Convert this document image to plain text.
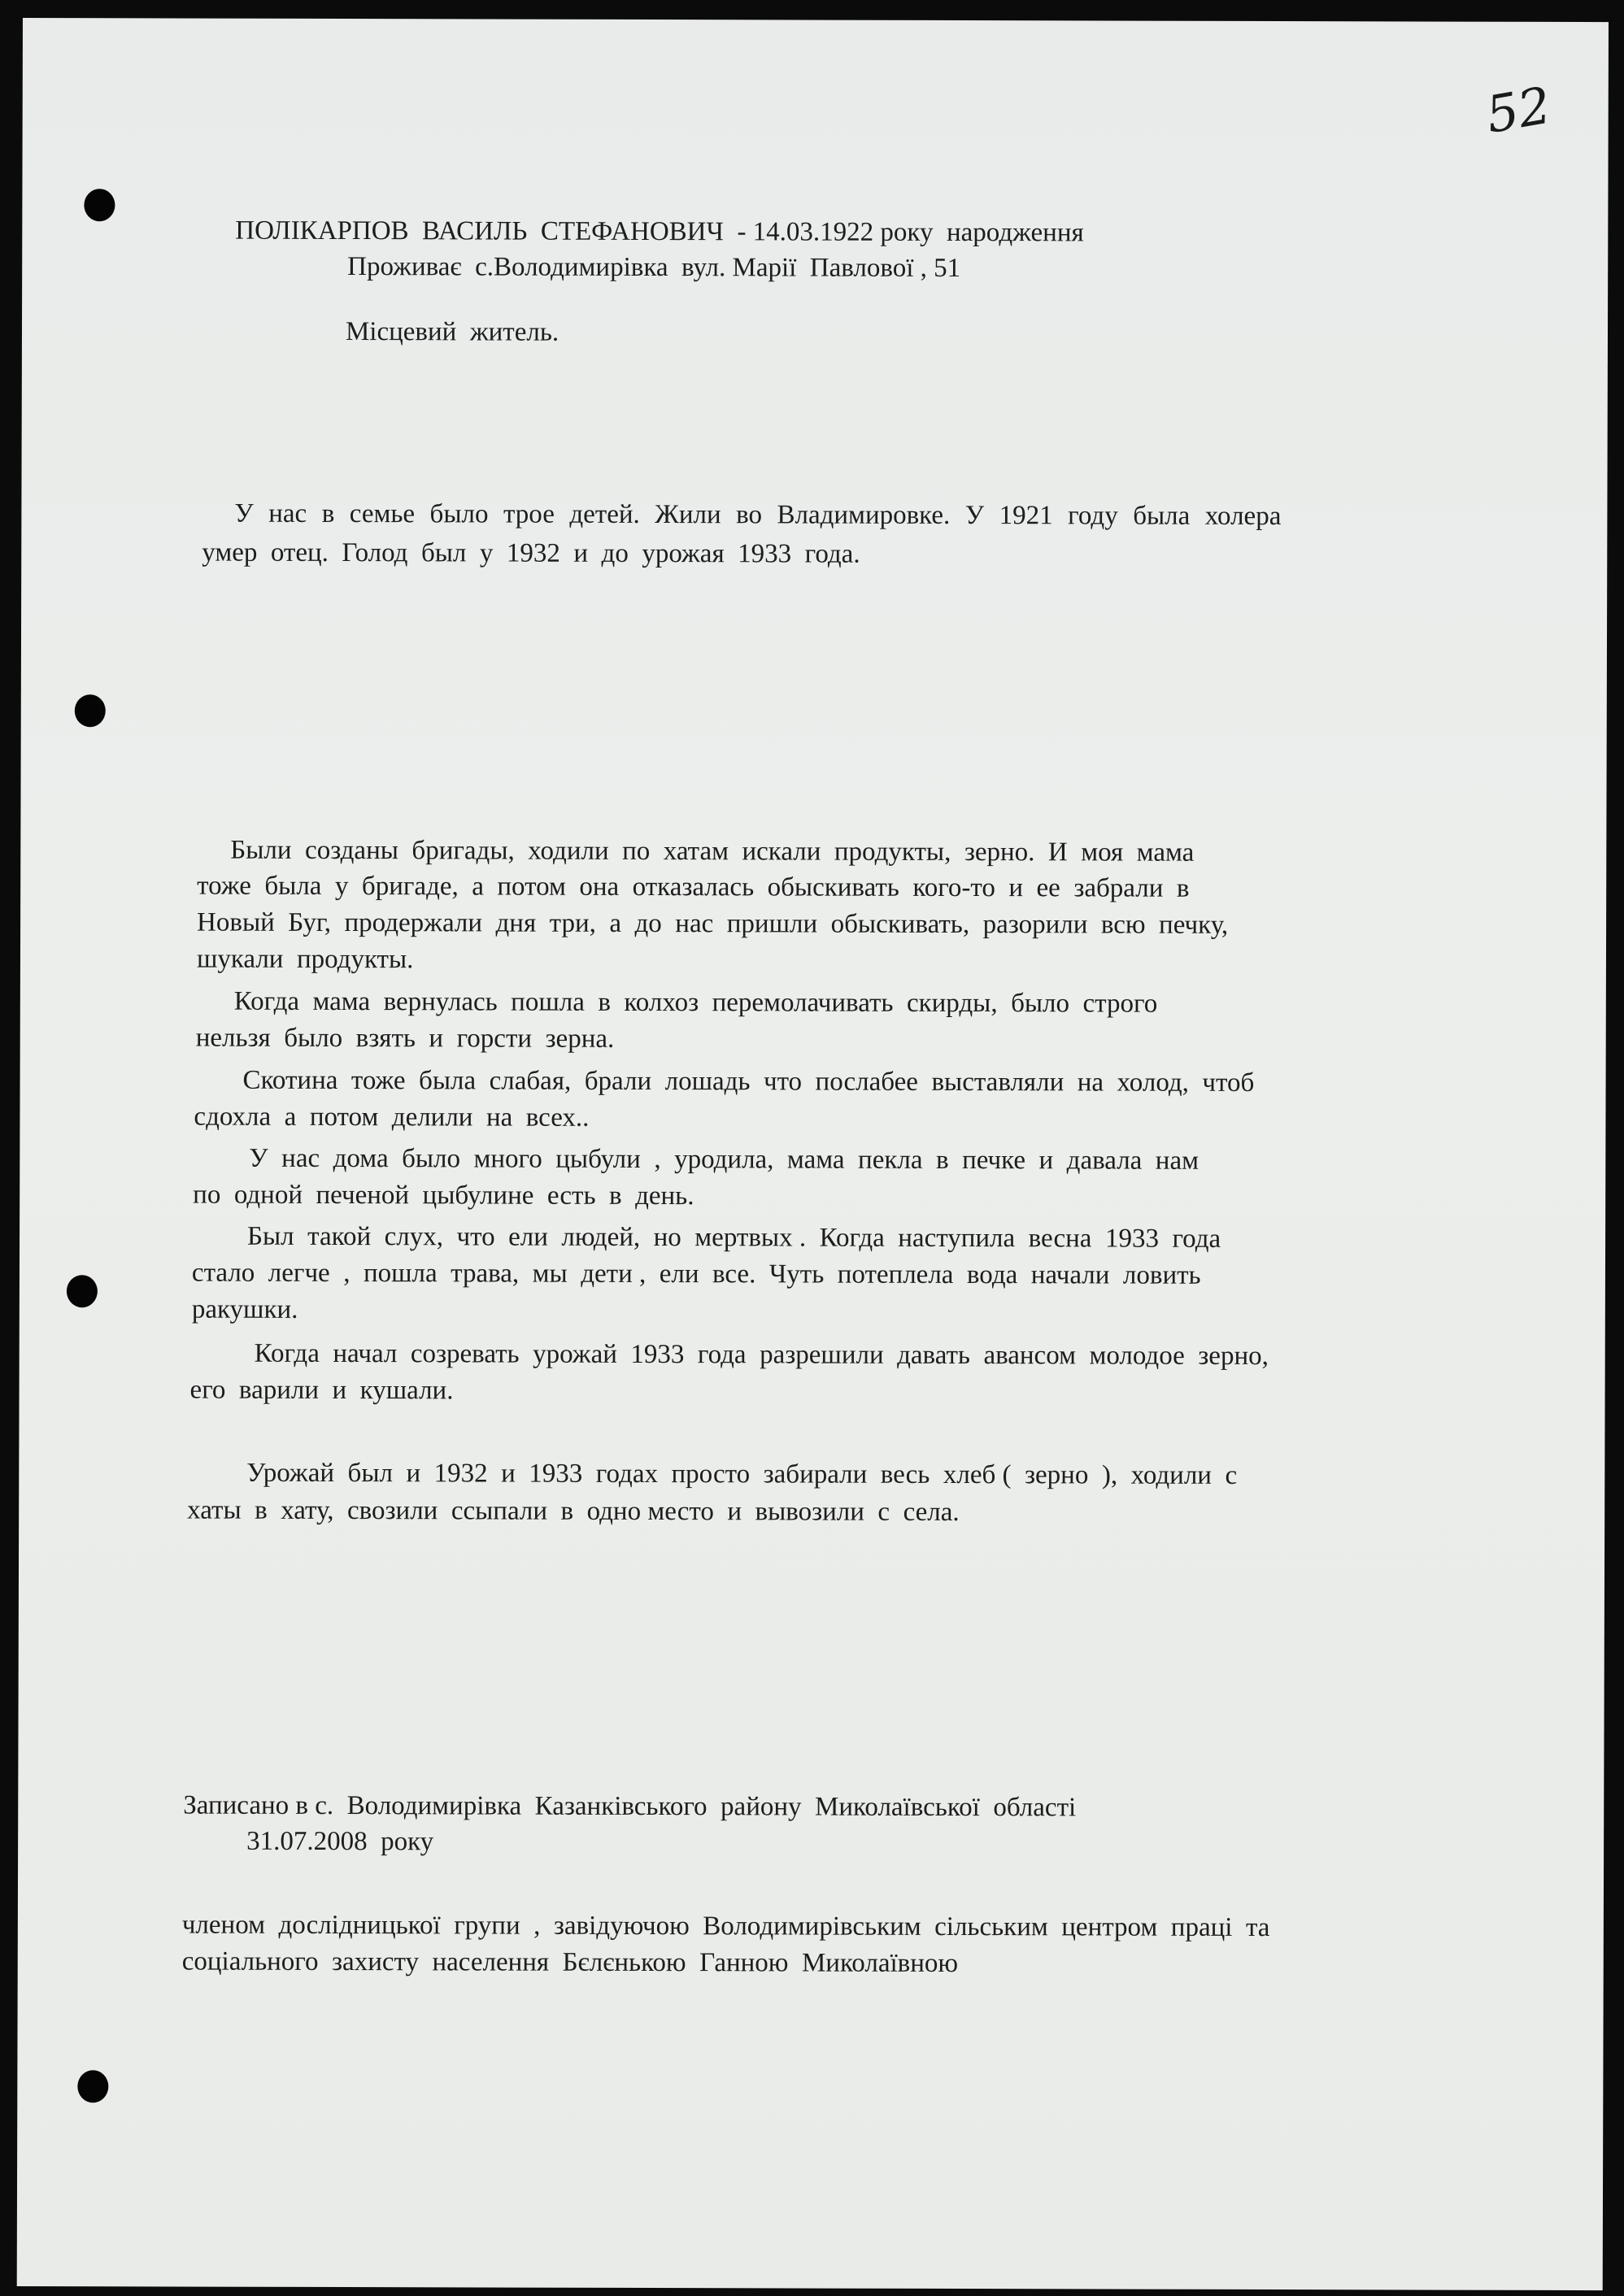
52
ПОЛІКАРПОВ  ВАСИЛЬ  СТЕФАНОВИЧ  - 14.03.1922 року  народження
Проживає  с.Володимирівка  вул. Марії  Павлової , 51
Місцевий  житель.
У  нас  в  семье  было  трое  детей.  Жили  во  Владимировке.  У  1921  году  была  холера
умер  отец.  Голод  был  у  1932  и  до  урожая  1933  года.
Были  созданы  бригады,  ходили  по  хатам  искали  продукты,  зерно.  И  моя  мама
тоже  была  у  бригаде,  а  потом  она  отказалась  обыскивать  кого-то  и  ее  забрали  в
Новый  Буг,  продержали  дня  три,  а  до  нас  пришли  обыскивать,  разорили  всю  печку,
шукали  продукты.
Когда  мама  вернулась  пошла  в  колхоз  перемолачивать  скирды,  было  строго
нельзя  было  взять  и  горсти  зерна.
Скотина  тоже  была  слабая,  брали  лошадь  что  послабее  выставляли  на  холод,  чтоб
сдохла  а  потом  делили  на  всех..
У  нас  дома  было  много  цыбули  ,  уродила,  мама  пекла  в  печке  и  давала  нам
по  одной  печеной  цыбулине  есть  в  день.
Был  такой  слух,  что  ели  людей,  но  мертвых .  Когда  наступила  весна  1933  года
стало  легче  ,  пошла  трава,  мы  дети ,  ели  все.  Чуть  потеплела  вода  начали  ловить
ракушки.
Когда  начал  созревать  урожай  1933  года  разрешили  давать  авансом  молодое  зерно,
его  варили  и  кушали.
Урожай  был  и  1932  и  1933  годах  просто  забирали  весь  хлеб (  зерно  ),  ходили  с
хаты  в  хату,  свозили  ссыпали  в  одно место  и  вывозили  с  села.
Записано в с.  Володимирівка  Казанківського  району  Миколаївської  області
31.07.2008  року
членом  дослідницької  групи  ,  завідуючою  Володимирівським  сільським  центром  праці  та
соціального  захисту  населення  Бєлєнькою  Ганною  Миколаївною
